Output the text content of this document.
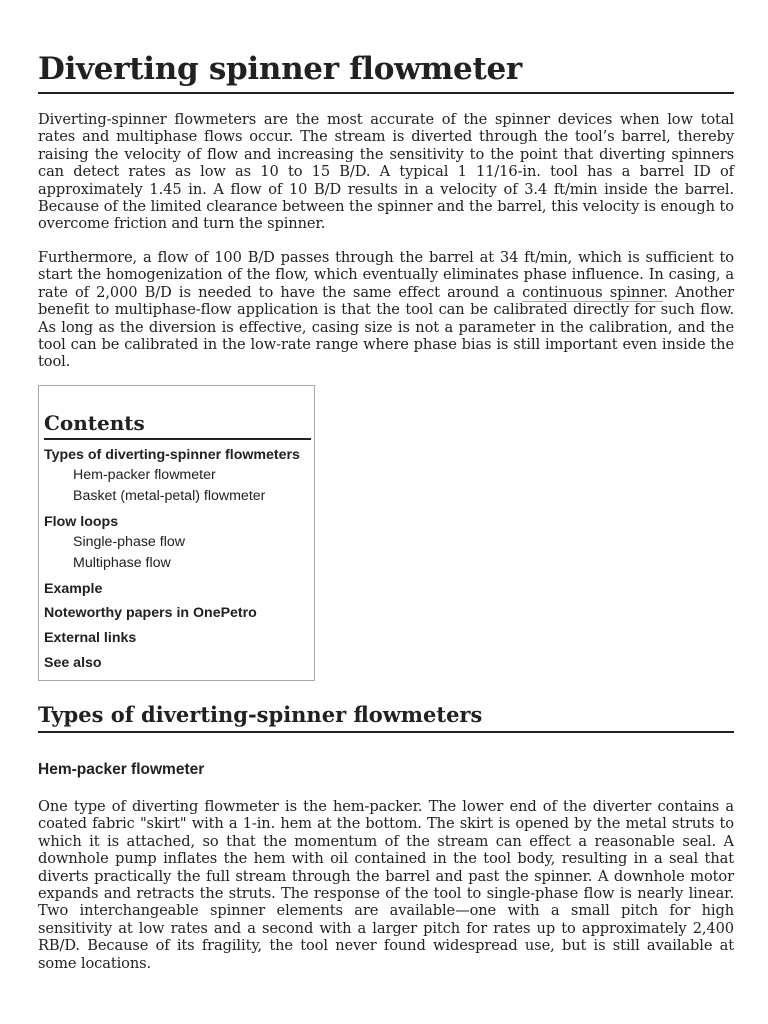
Diverting spinner flowmeter

Diverting-spinner flowmeters are the most accurate of the spinner devices when low total rates and multiphase flows occur. The stream is diverted through the tool’s barrel, thereby raising the velocity of flow and increasing the sensitivity to the point that diverting spinners can detect rates as low as 10 to 15 B/D. A typical 1 11/16-in. tool has a barrel ID of approximately 1.45 in. A flow of 10 B/D results in a velocity of 3.4 ft/min inside the barrel. Because of the limited clearance between the spinner and the barrel, this velocity is enough to overcome friction and turn the spinner.

Furthermore, a flow of 100 B/D passes through the barrel at 34 ft/min, which is sufficient to start the homogenization of the flow, which eventually eliminates phase influence. In casing, a rate of 2,000 B/D is needed to have the same effect around a continuous spinner. Another benefit to multiphase-flow application is that the tool can be calibrated directly for such flow. As long as the diversion is effective, casing size is not a parameter in the calibration, and the tool can be calibrated in the low-rate range where phase bias is still important even inside the tool.

Contents
Types of diverting-spinner flowmeters
Hem-packer flowmeter
Basket (metal-petal) flowmeter
Flow loops
Single-phase flow
Multiphase flow
Example
Noteworthy papers in OnePetro
External links
See also
Types of diverting-spinner flowmeters
Hem-packer flowmeter

One type of diverting flowmeter is the hem-packer. The lower end of the diverter contains a coated fabric "skirt" with a 1-in. hem at the bottom. The skirt is opened by the metal struts to which it is attached, so that the momentum of the stream can effect a reasonable seal. A downhole pump inflates the hem with oil contained in the tool body, resulting in a seal that diverts practically the full stream through the barrel and past the spinner. A downhole motor expands and retracts the struts. The response of the tool to single-phase flow is nearly linear. Two interchangeable spinner elements are available—one with a small pitch for high sensitivity at low rates and a second with a larger pitch for rates up to approximately 2,400 RB/D. Because of its fragility, the tool never found widespread use, but is still available at some locations.
